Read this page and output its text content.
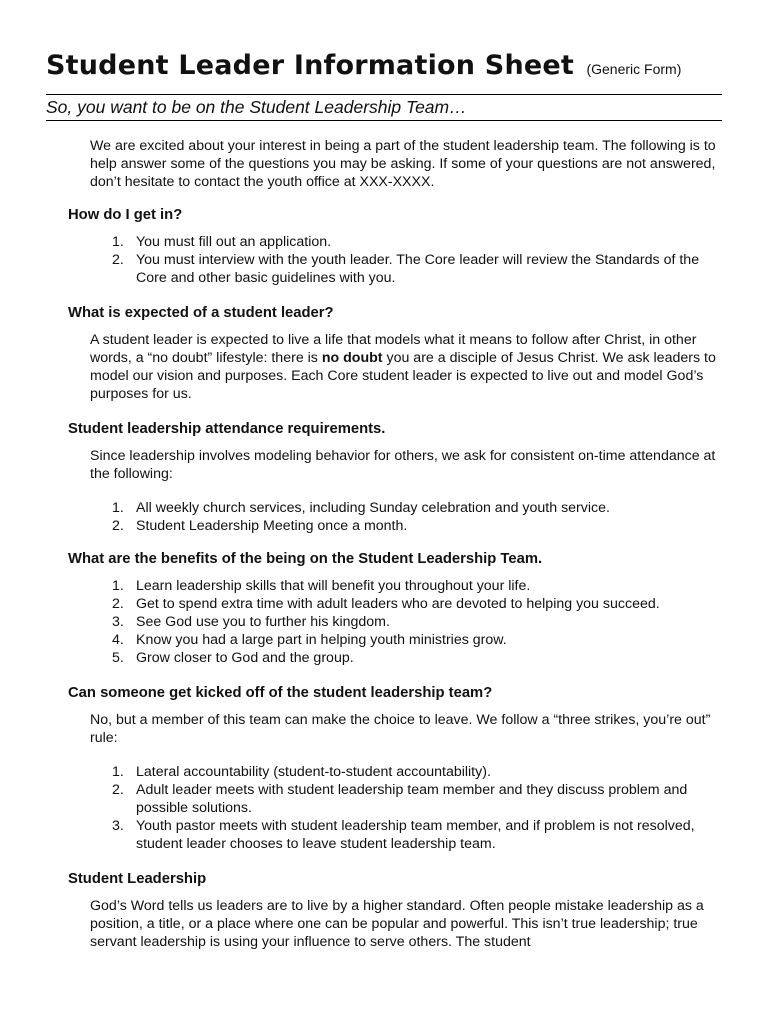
Student Leader Information Sheet (Generic Form)
So, you want to be on the Student Leadership Team…

We are excited about your interest in being a part of the student leadership team. The following is to help answer some of the questions you may be asking. If some of your questions are not answered, don’t hesitate to contact the youth office at XXX-XXXX.

How do I get in?
1. You must fill out an application.
2. You must interview with the youth leader. The Core leader will review the Standards of the Core and other basic guidelines with you.
What is expected of a student leader?

A student leader is expected to live a life that models what it means to follow after Christ, in other words, a “no doubt” lifestyle: there is no doubt you are a disciple of Jesus Christ. We ask leaders to model our vision and purposes. Each Core student leader is expected to live out and model God’s purposes for us.

Student leadership attendance requirements.

Since leadership involves modeling behavior for others, we ask for consistent on-time attendance at the following:

1. All weekly church services, including Sunday celebration and youth service.
2. Student Leadership Meeting once a month.
What are the benefits of the being on the Student Leadership Team.
1. Learn leadership skills that will benefit you throughout your life.
2. Get to spend extra time with adult leaders who are devoted to helping you succeed.
3. See God use you to further his kingdom.
4. Know you had a large part in helping youth ministries grow.
5. Grow closer to God and the group.
Can someone get kicked off of the student leadership team?

No, but a member of this team can make the choice to leave. We follow a “three strikes, you’re out” rule:

1. Lateral accountability (student-to-student accountability).
2. Adult leader meets with student leadership team member and they discuss problem and possible solutions.
3. Youth pastor meets with student leadership team member, and if problem is not resolved, student leader chooses to leave student leadership team.
Student Leadership

God’s Word tells us leaders are to live by a higher standard. Often people mistake leadership as a position, a title, or a place where one can be popular and powerful. This isn’t true leadership; true servant leadership is using your influence to serve others. The student
